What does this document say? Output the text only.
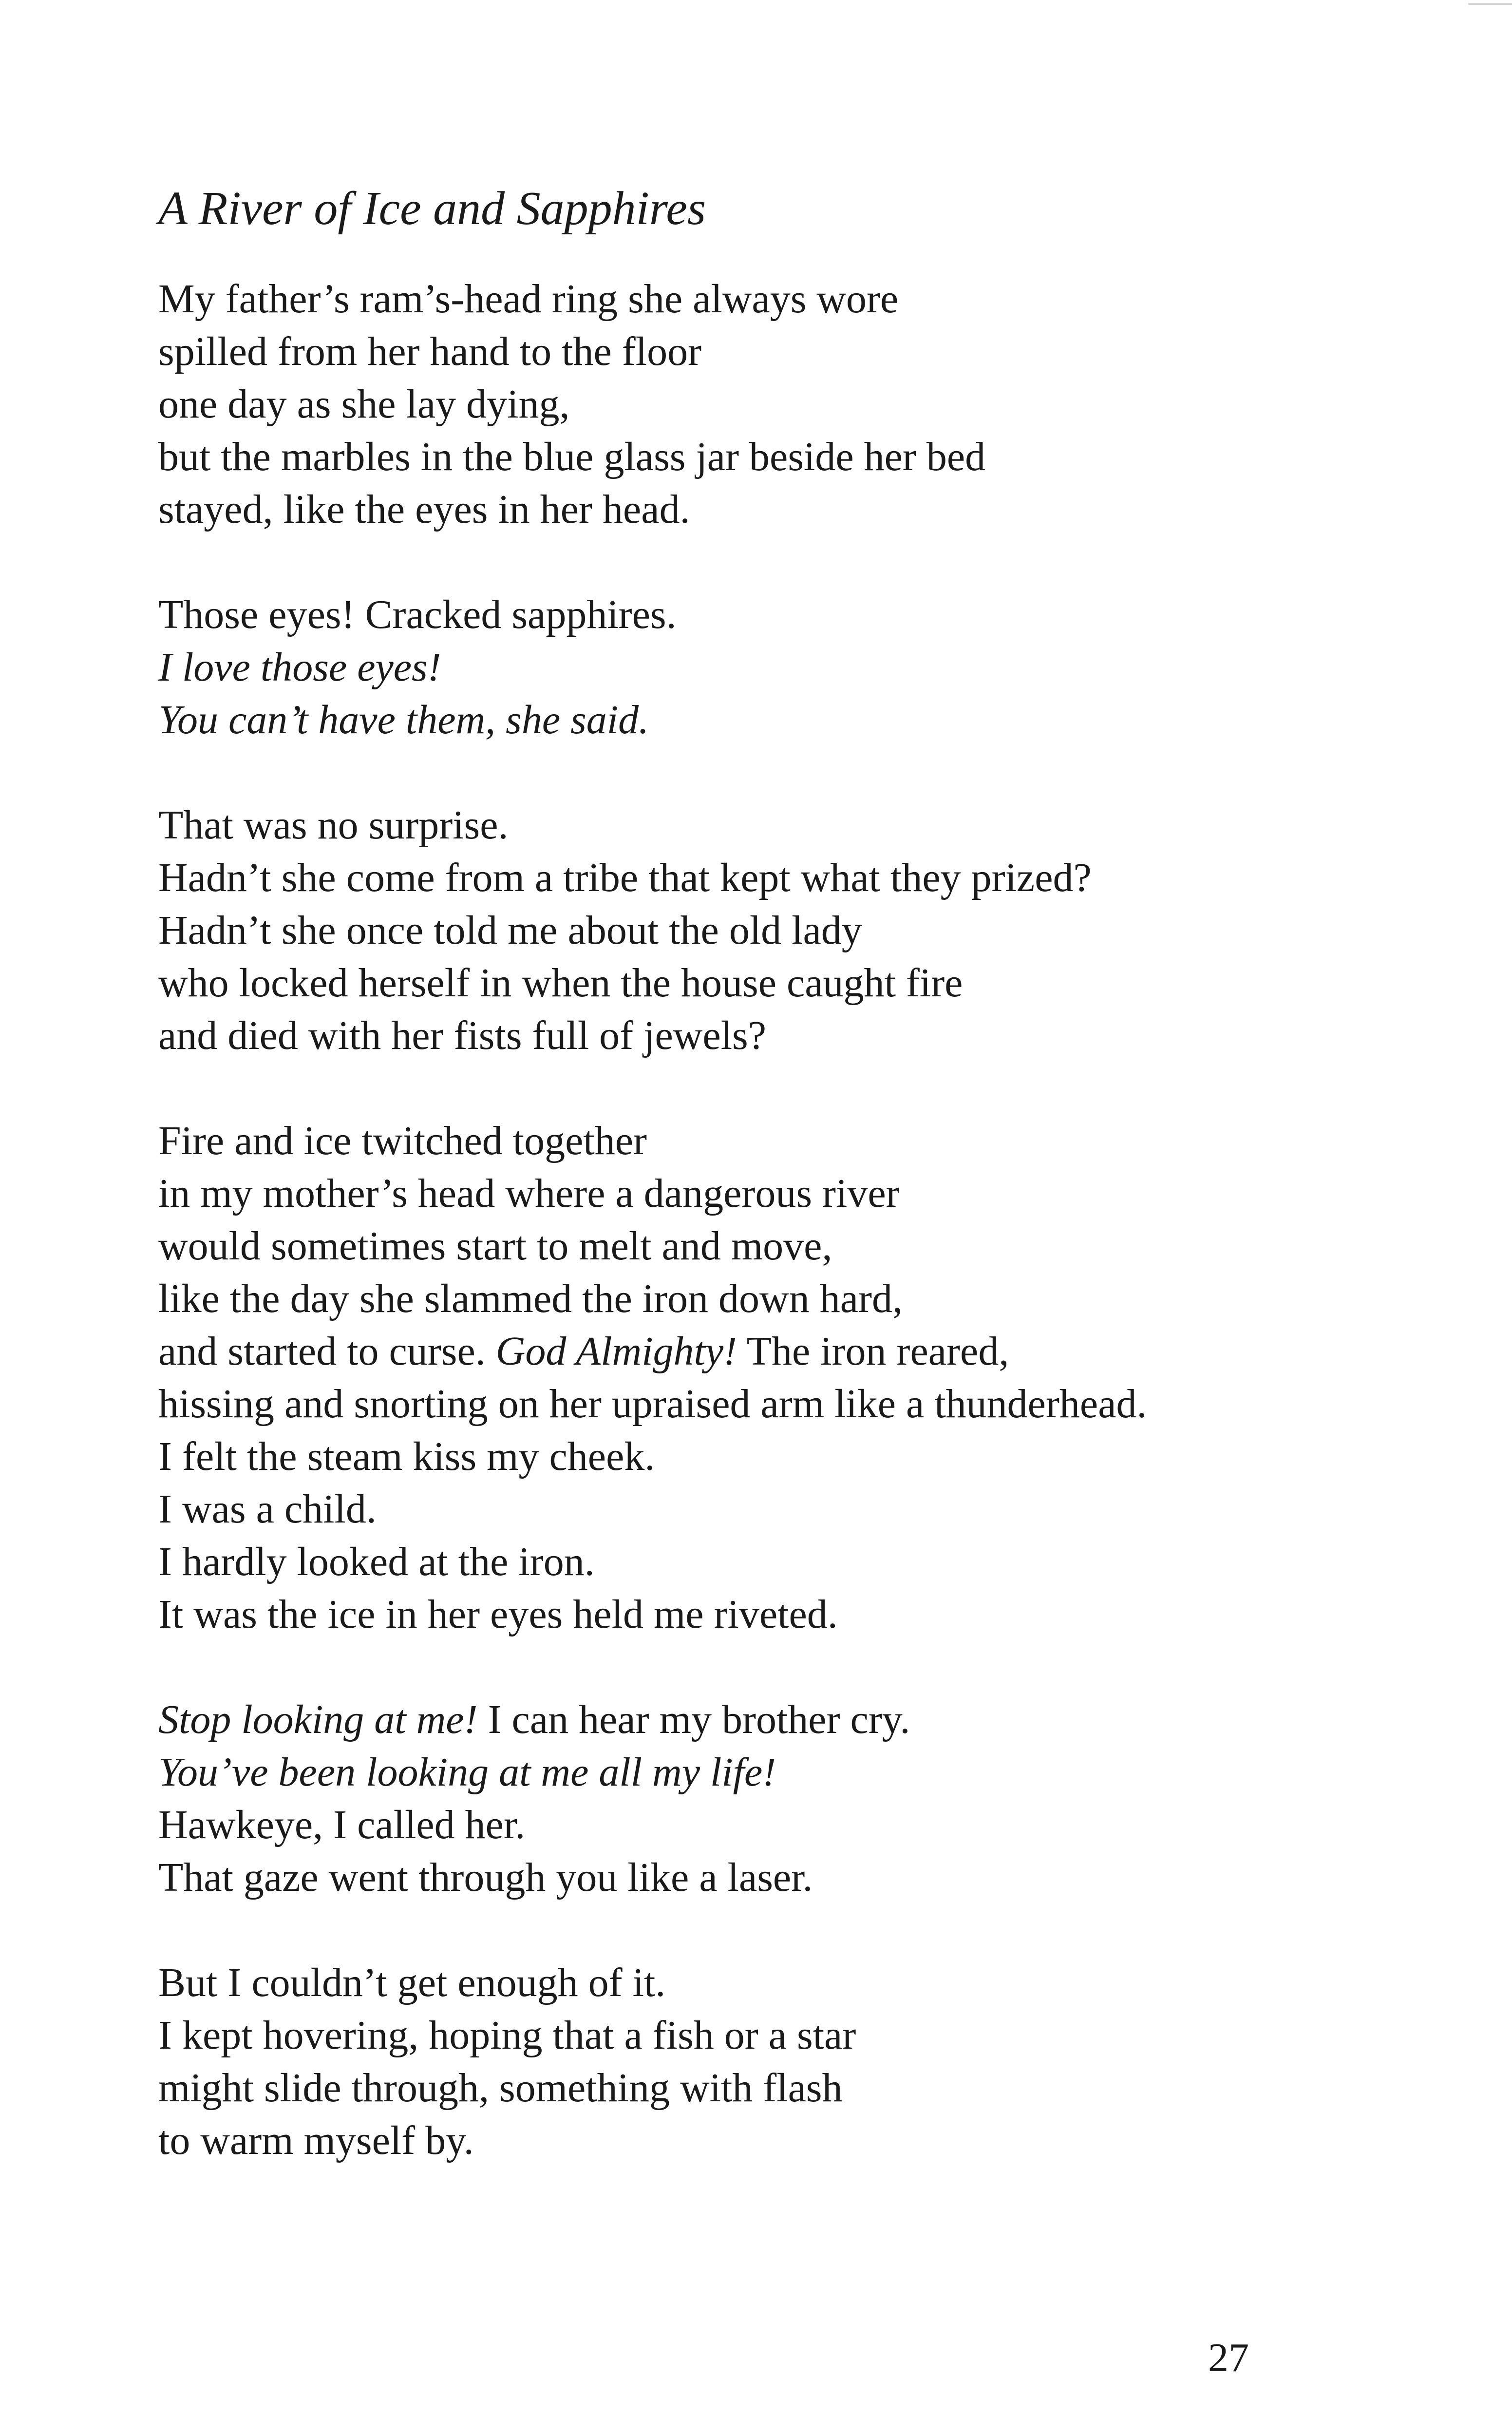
A River of Ice and Sapphires
My father’s ram’s-head ring she always wore
spilled from her hand to the floor
one day as she lay dying,
but the marbles in the blue glass jar beside her bed
stayed, like the eyes in her head.
Those eyes! Cracked sapphires.
I love those eyes!
You can’t have them, she said.
That was no surprise.
Hadn’t she come from a tribe that kept what they prized?
Hadn’t she once told me about the old lady
who locked herself in when the house caught fire
and died with her fists full of jewels?
Fire and ice twitched together
in my mother’s head where a dangerous river
would sometimes start to melt and move,
like the day she slammed the iron down hard,
and started to curse. God Almighty! The iron reared,
hissing and snorting on her upraised arm like a thunderhead.
I felt the steam kiss my cheek.
I was a child.
I hardly looked at the iron.
It was the ice in her eyes held me riveted.
Stop looking at me! I can hear my brother cry.
You’ve been looking at me all my life!
Hawkeye, I called her.
That gaze went through you like a laser.
But I couldn’t get enough of it.
I kept hovering, hoping that a fish or a star
might slide through, something with flash
to warm myself by.
27
